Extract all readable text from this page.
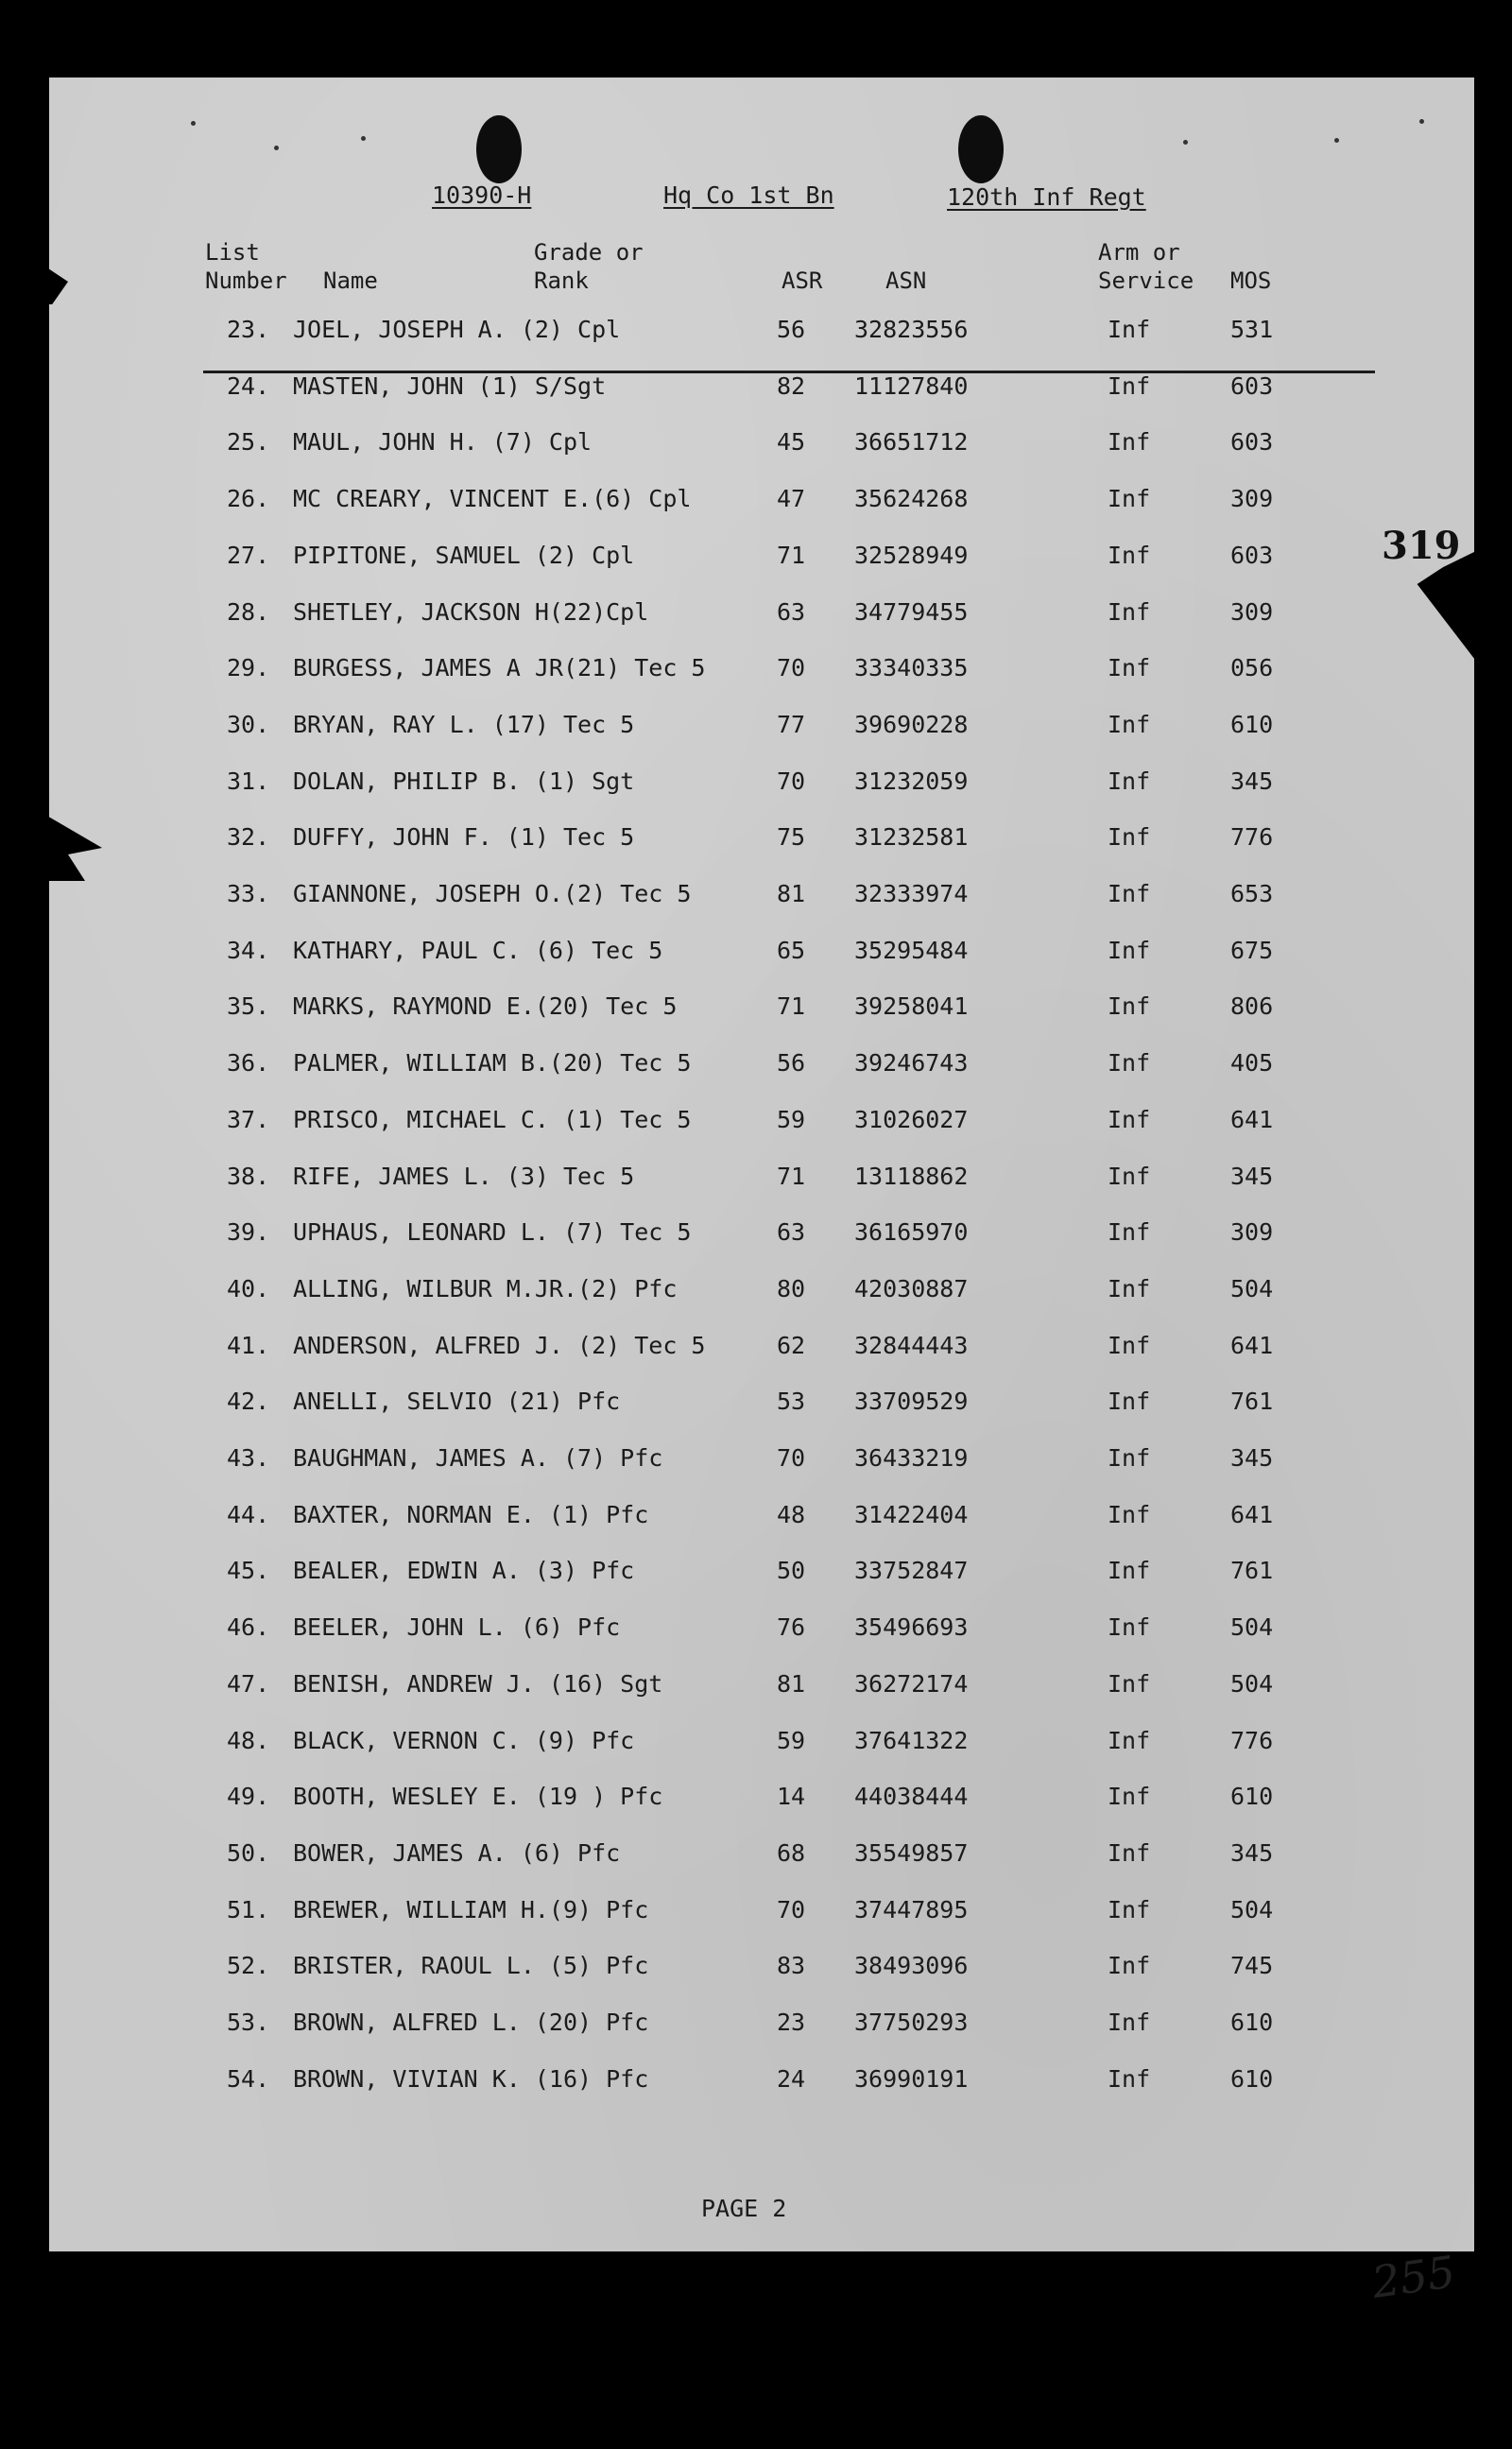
10390-H	Hq Co 1st Bn	120th Inf Regt
List
Number Name
Grade or
Rank	ASR	ASN
Arm or
Service MOS
23. JOEL, JOSEPH A. (2) Cpl	56 32823556	Inf	531
24. MASTEN, JOHN (1) S/Sgt	82 11127840	Inf	603
25. MAUL, JOHN H. (7) Cpl	45 36651712	Inf	603
26. MC CREARY, VINCENT E.(6) Cpl	47 35624268	Inf	309
27. PIPITONE, SAMUEL (2) Cpl	71 32528949	Inf	603
28. SHETLEY, JACKSON H(22)Cpl	63 34779455	Inf	309
29. BURGESS, JAMES A JR(21) Tec 5	70 33340335	Inf	056
30. BRYAN, RAY L. (17) Tec 5	77 39690228	Inf	610
31. DOLAN, PHILIP B. (1) Sgt	70 31232059	Inf	345
32. DUFFY, JOHN F. (1) Tec 5	75 31232581	Inf	776
33. GIANNONE, JOSEPH O.(2) Tec 5	81 32333974	Inf	653
34. KATHARY, PAUL C. (6) Tec 5	65 35295484	Inf	675
35. MARKS, RAYMOND E.(20) Tec 5	71 39258041	Inf	806
36. PALMER, WILLIAM B.(20) Tec 5	56 39246743	Inf	405
37. PRISCO, MICHAEL C. (1) Tec 5	59 31026027	Inf	641
38. RIFE, JAMES L. (3) Tec 5	71 13118862	Inf	345
39. UPHAUS, LEONARD L. (7) Tec 5	63 36165970	Inf	309
40. ALLING, WILBUR M.JR.(2) Pfc	80 42030887	Inf	504
41. ANDERSON, ALFRED J. (2) Tec 5	62 32844443	Inf	641
42. ANELLI, SELVIO (21) Pfc	53 33709529	Inf	761
43. BAUGHMAN, JAMES A. (7) Pfc	70 36433219	Inf	345
44. BAXTER, NORMAN E. (1) Pfc	48 31422404	Inf	641
45. BEALER, EDWIN A. (3) Pfc	50 33752847	Inf	761
46. BEELER, JOHN L. (6) Pfc	76 35496693	Inf	504
47. BENISH, ANDREW J. (16) Sgt	81 36272174	Inf	504
48. BLACK, VERNON C. (9) Pfc	59 37641322	Inf	776
49. BOOTH, WESLEY E. (19 ) Pfc	14 44038444	Inf	610
50. BOWER, JAMES A. (6) Pfc	68 35549857	Inf	345
51. BREWER, WILLIAM H.(9) Pfc	70 37447895	Inf	504
52. BRISTER, RAOUL L. (5) Pfc	83 38493096	Inf	745
53. BROWN, ALFRED L. (20) Pfc	23 37750293	Inf	610
54. BROWN, VIVIAN K. (16) Pfc	24 36990191	Inf	610
PAGE 2
319
255
